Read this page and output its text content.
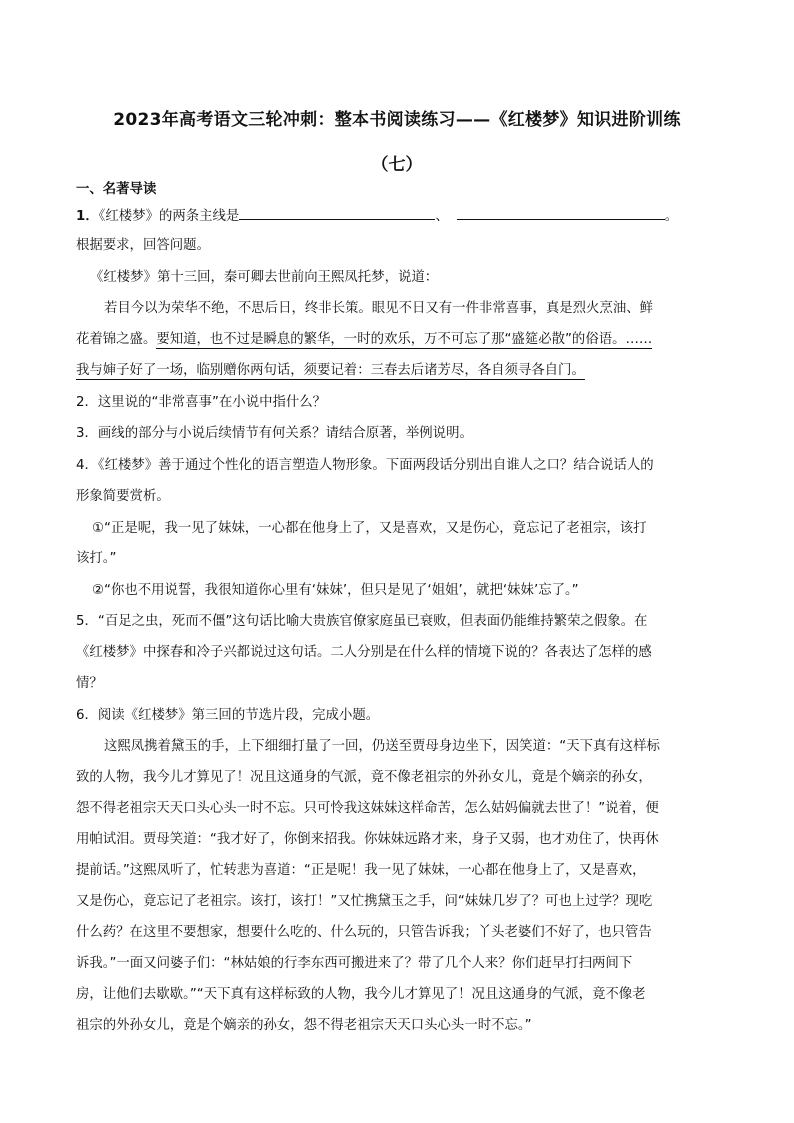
2023年高考语文三轮冲刺：整本书阅读练习——《红楼梦》知识进阶训练
（七）
一、名著导读
1．《红楼梦》的两条主线是	、	。
根据要求，回答问题。
《红楼梦》第十三回，秦可卿去世前向王熙凤托梦，说道：
若目今以为荣华不绝，不思后日，终非长策。眼见不日又有一件非常喜事，真是烈火烹油、鲜
花着锦之盛。要知道，也不过是瞬息的繁华，一时的欢乐，万不可忘了那“盛筵必散”的俗语。……
我与婶子好了一场，临别赠你两句话，须要记着：三春去后诸芳尽，各自须寻各自门。
2．这里说的“非常喜事”在小说中指什么？
3．画线的部分与小说后续情节有何关系？请结合原著，举例说明。
4．《红楼梦》善于通过个性化的语言塑造人物形象。下面两段话分别出自谁人之口？结合说话人的
形象简要赏析。
①“正是呢，我一见了妹妹，一心都在他身上了，又是喜欢，又是伤心，竟忘记了老祖宗，该打
该打。”
②“你也不用说誓，我很知道你心里有‘妹妹’，但只是见了‘姐姐’，就把‘妹妹’忘了。”
5．“百足之虫，死而不僵”这句话比喻大贵族官僚家庭虽已衰败，但表面仍能维持繁荣之假象。在
《红楼梦》中探春和冷子兴都说过这句话。二人分别是在什么样的情境下说的？各表达了怎样的感
情？
6．阅读《红楼梦》第三回的节选片段，完成小题。
这熙凤携着黛玉的手，上下细细打量了一回，仍送至贾母身边坐下，因笑道：“天下真有这样标
致的人物，我今儿才算见了！况且这通身的气派，竟不像老祖宗的外孙女儿，竟是个嫡亲的孙女，
怨不得老祖宗天天口头心头一时不忘。只可怜我这妹妹这样命苦，怎么姑妈偏就去世了！”说着，便
用帕试泪。贾母笑道：“我才好了，你倒来招我。你妹妹远路才来，身子又弱，也才劝住了，快再休
提前话。”这熙凤听了，忙转悲为喜道：“正是呢！我一见了妹妹，一心都在他身上了，又是喜欢，
又是伤心，竟忘记了老祖宗。该打，该打！”又忙携黛玉之手，问“妹妹几岁了？可也上过学？现吃
什么药？在这里不要想家，想要什么吃的、什么玩的，只管告诉我；丫头老婆们不好了，也只管告
诉我。”一面又问婆子们：“林姑娘的行李东西可搬进来了？带了几个人来？你们赶早打扫两间下
房，让他们去歇歇。”“天下真有这样标致的人物，我今儿才算见了！况且这通身的气派，竟不像老
祖宗的外孙女儿，竟是个嫡亲的孙女，怨不得老祖宗天天口头心头一时不忘。”
